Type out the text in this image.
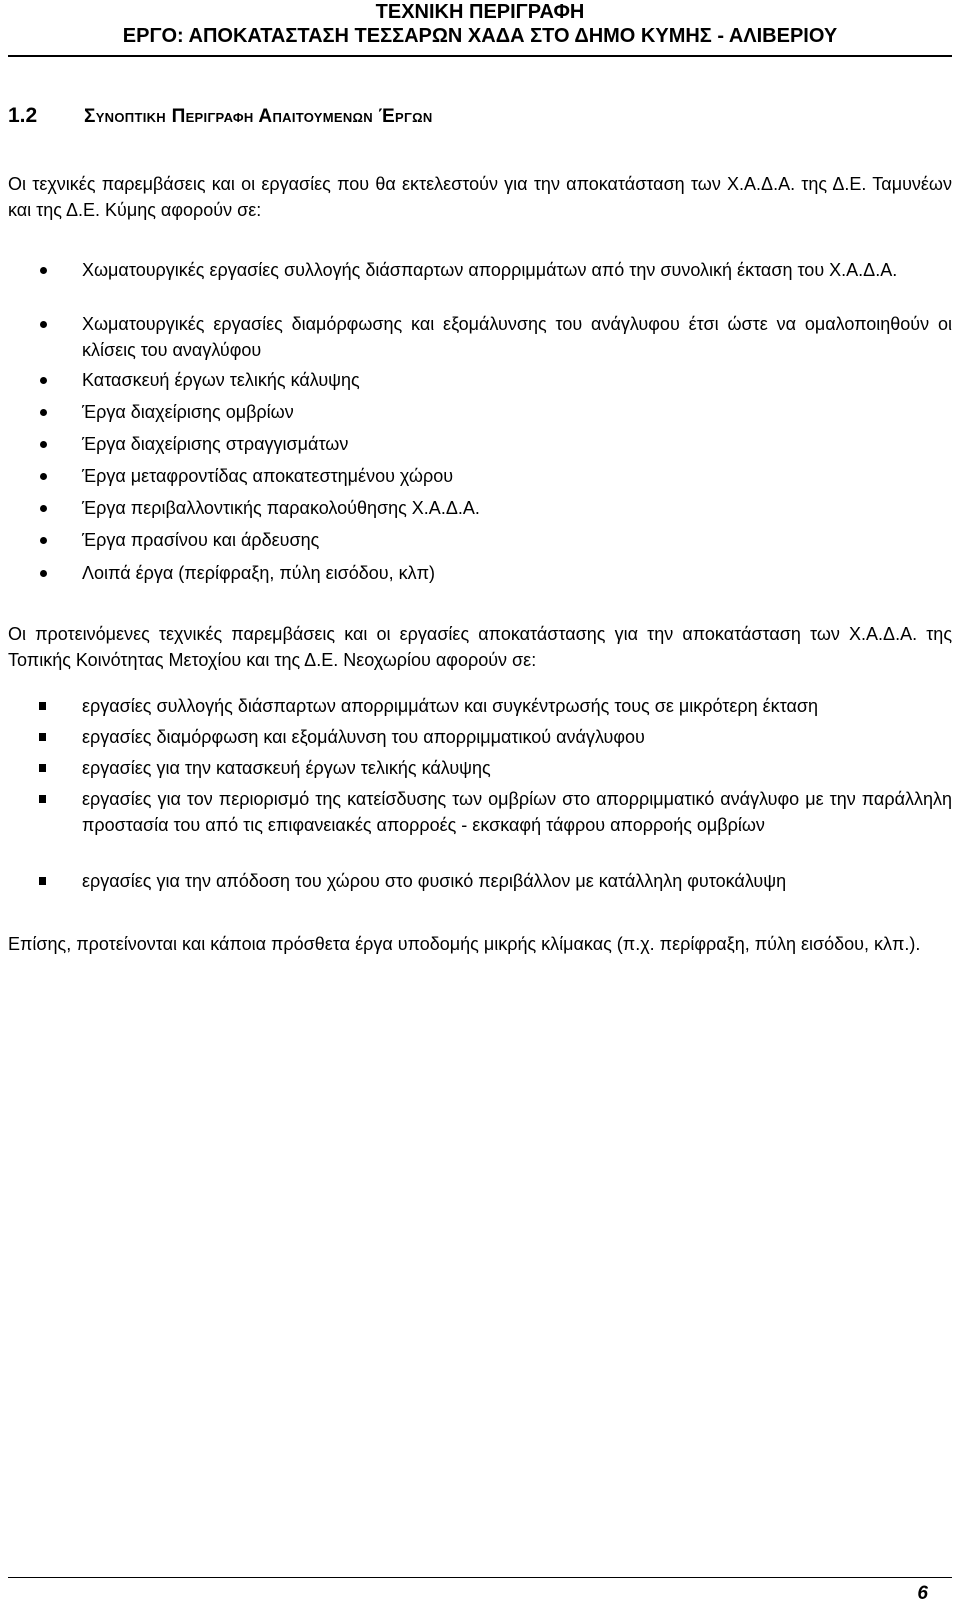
ΤΕΧΝΙΚΗ ΠΕΡΙΓΡΑΦΗ
ΕΡΓΟ: ΑΠΟΚΑΤΑΣΤΑΣΗ ΤΕΣΣΑΡΩΝ ΧΑΔΑ ΣΤΟ ΔΗΜΟ ΚΥΜΗΣ - ΑΛΙΒΕΡΙΟΥ
1.2 Συνοπτικη Περιγραφη Απαιτουμενων Έργων
Οι τεχνικές παρεμβάσεις και οι εργασίες που θα εκτελεστούν για την αποκατάσταση των Χ.Α.Δ.Α. της Δ.Ε. Ταμυνέων και της Δ.Ε. Κύμης αφορούν σε:
Χωματουργικές εργασίες συλλογής διάσπαρτων απορριμμάτων από την συνολική έκταση του Χ.Α.Δ.Α.
Χωματουργικές εργασίες διαμόρφωσης και εξομάλυνσης του ανάγλυφου έτσι ώστε να ομαλοποιηθούν οι κλίσεις του αναγλύφου
Κατασκευή έργων τελικής κάλυψης
Έργα διαχείρισης ομβρίων
Έργα διαχείρισης στραγγισμάτων
Έργα μεταφροντίδας αποκατεστημένου χώρου
Έργα περιβαλλοντικής παρακολούθησης Χ.Α.Δ.Α.
Έργα πρασίνου και άρδευσης
Λοιπά έργα (περίφραξη, πύλη εισόδου, κλπ)
Οι προτεινόμενες τεχνικές παρεμβάσεις και οι εργασίες αποκατάστασης για την αποκατάσταση των Χ.Α.Δ.Α. της Τοπικής Κοινότητας Μετοχίου και της Δ.Ε. Νεοχωρίου αφορούν σε:
εργασίες συλλογής διάσπαρτων απορριμμάτων και συγκέντρωσής τους σε μικρότερη έκταση
εργασίες διαμόρφωση και εξομάλυνση του απορριμματικού ανάγλυφου
εργασίες για την κατασκευή έργων τελικής κάλυψης
εργασίες για τον περιορισμό της κατείσδυσης των ομβρίων στο απορριμματικό ανάγλυφο με την παράλληλη προστασία του από τις επιφανειακές απορροές - εκσκαφή τάφρου απορροής ομβρίων
εργασίες για την απόδοση του χώρου στο φυσικό περιβάλλον με κατάλληλη φυτοκάλυψη
Επίσης, προτείνονται και κάποια πρόσθετα έργα υποδομής μικρής κλίμακας (π.χ. περίφραξη, πύλη εισόδου, κλπ.).
6
